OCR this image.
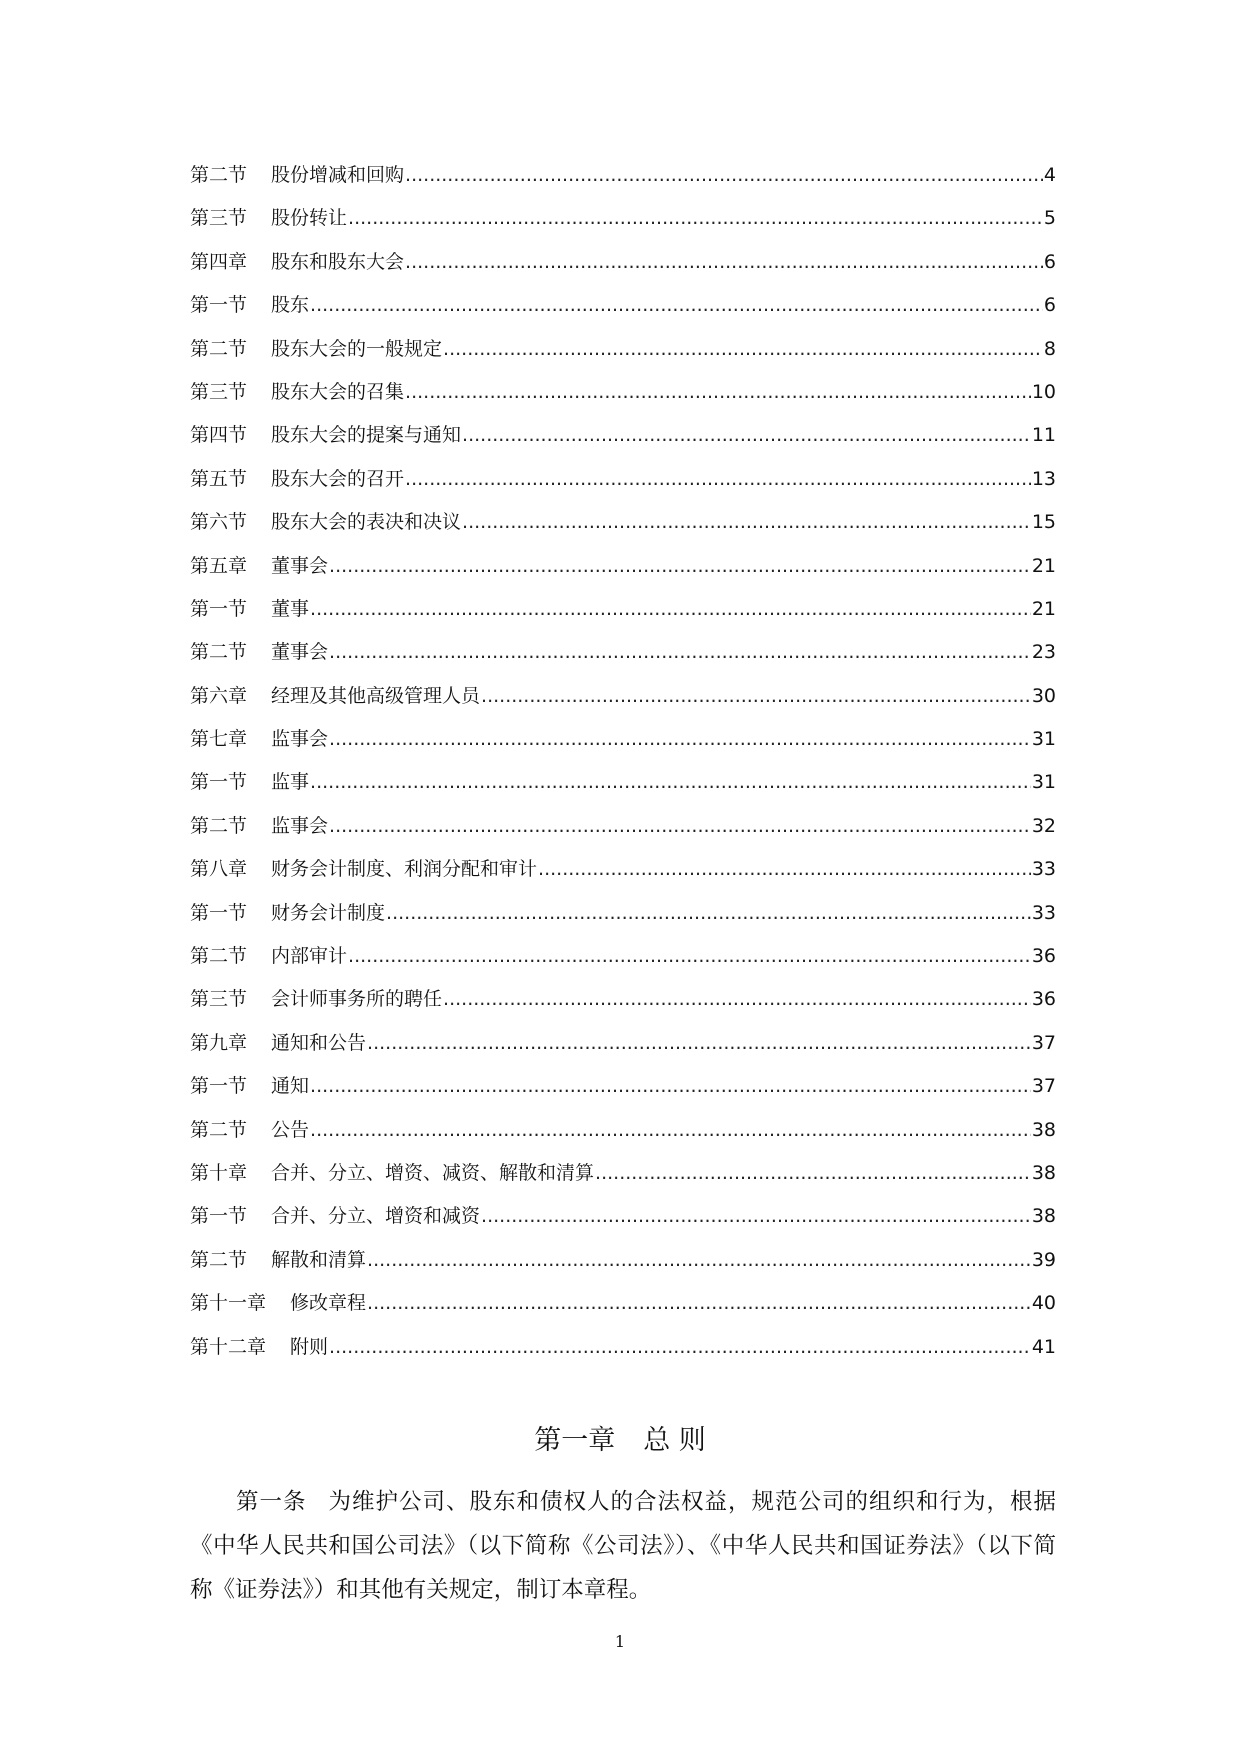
第二节	股份增减和回购 .....	4
第三节	股份转让 .....	5
第四章	股东和股东大会 .....	6
第一节	股东 .....	6
第二节	股东大会的一般规定 .....	8
第三节	股东大会的召集 .....	10
第四节	股东大会的提案与通知 .....	11
第五节	股东大会的召开 .....	13
第六节	股东大会的表决和决议 .....	15
第五章	董事会 .....	21
第一节	董事 .....	21
第二节	董事会 .....	23
第六章	经理及其他高级管理人员 .....	30
第七章	监事会 .....	31
第一节	监事 .....	31
第二节	监事会 .....	32
第八章	财务会计制度、利润分配和审计 .....	33
第一节	财务会计制度 .....	33
第二节	内部审计 .....	36
第三节	会计师事务所的聘任 .....	36
第九章	通知和公告 .....	37
第一节	通知 .....	37
第二节	公告 .....	38
第十章	合并、分立、增资、减资、解散和清算 .....	38
第一节	合并、分立、增资和减资 .....	38
第二节	解散和清算 .....	39
第十一章	修改章程 .....	40
第十二章	附则 .....	41
第一章 总 则
第一条 为维护公司、股东和债权人的合法权益，规范公司的组织和行为，根据《中华人民共和国公司法》（以下简称《公司法》）、《中华人民共和国证券法》（以下简称《证券法》）和其他有关规定，制订本章程。
1
